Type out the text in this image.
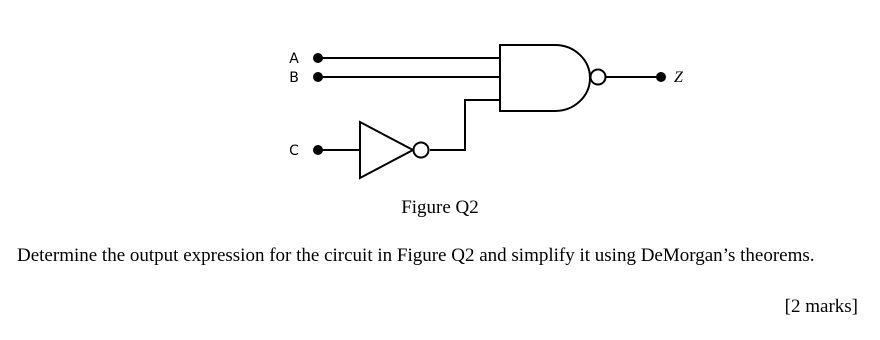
A
B
C
Z
Figure Q2
Determine the output expression for the circuit in Figure Q2 and simplify it using DeMorgan’s theorems.
[2 marks]
